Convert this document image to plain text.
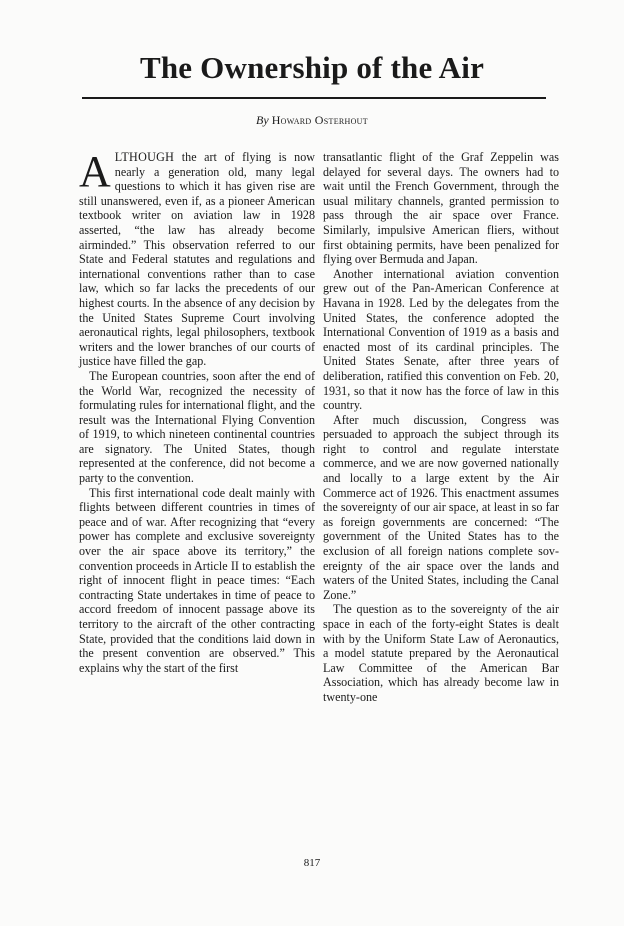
The Ownership of the Air
By Howard Osterhout

ALTHOUGH the art of flying is now nearly a generation old, many legal questions to which it has given rise are still unanswered, even if, as a pioneer American textbook writer on aviation law in 1928 asserted, “the law has already become airminded.” This observation referred to our State and Federal statutes and regulations and international conventions rather than to case law, which so far lacks the precedents of our highest courts. In the absence of any decision by the United States Supreme Court involving aeronautical rights, legal philosophers, textbook writers and the lower branches of our courts of justice have filled the gap.

The European countries, soon after the end of the World War, recognized the necessity of formulating rules for international flight, and the result was the International Flying Convention of 1919, to which nineteen continental countries are signatory. The United States, though represented at the conference, did not become a party to the convention.

This first international code dealt mainly with flights between different countries in times of peace and of war. After recognizing that “every power has complete and exclusive sovereignty over the air space above its territory,” the convention proceeds in Article II to establish the right of innocent flight in peace times: “Each contracting State undertakes in time of peace to accord freedom of innocent passage above its territory to the aircraft of the other contracting State, provided that the conditions laid down in the present convention are observed.” This explains why the start of the first

transatlantic flight of the Graf Zeppelin was delayed for several days. The owners had to wait until the French Government, through the usual military channels, granted permission to pass through the air space over France. Similarly, impulsive American fliers, without first obtaining permits, have been penalized for flying over Bermuda and Japan.

Another international aviation convention grew out of the Pan-American Conference at Havana in 1928. Led by the delegates from the United States, the conference adopted the International Convention of 1919 as a basis and enacted most of its cardinal principles. The United States Senate, after three years of deliberation, ratified this convention on Feb. 20, 1931, so that it now has the force of law in this country.

After much discussion, Congress was persuaded to approach the subject through its right to control and regulate interstate commerce, and we are now governed nationally and locally to a large extent by the Air Commerce act of 1926. This enactment assumes the sovereignty of our air space, at least in so far as foreign governments are concerned: “The government of the United States has to the exclusion of all foreign nations complete sovereignty of the air space over the lands and waters of the United States, including the Canal Zone.”

The question as to the sovereignty of the air space in each of the forty-eight States is dealt with by the Uniform State Law of Aeronautics, a model statute prepared by the Aeronautical Law Committee of the American Bar Association, which has already become law in twenty-one

817
